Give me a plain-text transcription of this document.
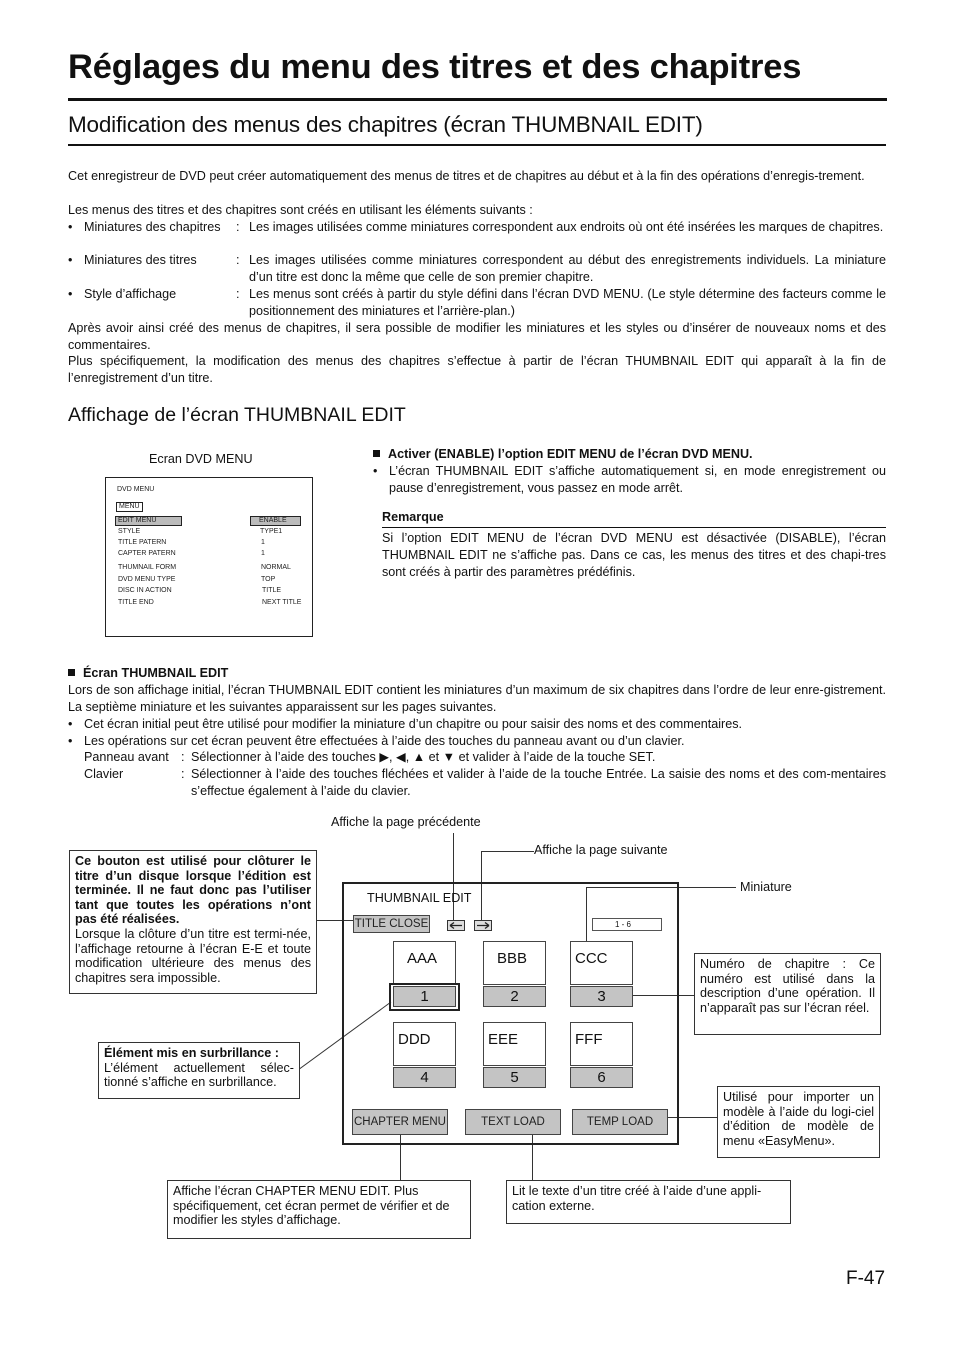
Réglages du menu des titres et des chapitres
Modification des menus des chapitres (écran THUMBNAIL EDIT)

Cet enregistreur de DVD peut créer automatiquement des menus de titres et de chapitres au début et à la fin des opérations d’enregis-trement.

Les menus des titres et des chapitres sont créés en utilisant les éléments suivants :

• Miniatures des chapitres : Les images utilisées comme miniatures correspondent aux endroits où ont été insérées les marques de chapitres.
• Miniatures des titres	: Les images utilisées comme miniatures correspondent au début des enregistrements individuels. La miniature d’un titre est donc la même que celle de son premier chapitre.
• Style d’affichage	: Les menus sont créés à partir du style défini dans l’écran DVD MENU. (Le style détermine des facteurs comme le positionnement des miniatures et l’arrière-plan.)

Après avoir ainsi créé des menus de chapitres, il sera possible de modifier les miniatures et les styles ou d’insérer de nouveaux noms et des commentaires.

Plus spécifiquement, la modification des menus des chapitres s’effectue à partir de l’écran THUMBNAIL EDIT qui apparaît à la fin de l’enregistrement d’un titre.

Affichage de l’écran THUMBNAIL EDIT
Ecran DVD MENU
DVD MENU
MENU
EDIT MENU	ENABLE
STYLE	TYPE1
TITLE PATERN	1
CAPTER PATERN	1
THUMNAIL FORM	NORMAL
DVD MENU TYPE	TOP
DISC IN ACTION	TITLE
TITLE END	NEXT TITLE
Activer (ENABLE) l’option EDIT MENU de l’écran DVD MENU.
• L’écran THUMBNAIL EDIT s’affiche automatiquement si, en mode enregistrement ou pause d’enregistrement, vous passez en mode arrêt.
Remarque

Si l’option EDIT MENU de l’écran DVD MENU est désactivée (DISABLE), l’écran THUMBNAIL EDIT ne s’affiche pas. Dans ce cas, les menus des titres et des chapi-tres sont créés à partir des paramètres prédéfinis.

Écran THUMBNAIL EDIT

Lors de son affichage initial, l’écran THUMBNAIL EDIT contient les miniatures d’un maximum de six chapitres dans l’ordre de leur enre-gistrement. La septième miniature et les suivantes apparaissent sur les pages suivantes.

• Cet écran initial peut être utilisé pour modifier la miniature d’un chapitre ou pour saisir des noms et des commentaires.
• Les opérations sur cet écran peuvent être effectuées à l’aide des touches du panneau avant ou d’un clavier.
Panneau avant : Sélectionner à l’aide des touches ▶, ◀, ▲ et ▼ et valider à l’aide de la touche SET.
Clavier	: Sélectionner à l’aide des touches fléchées et valider à l’aide de la touche Entrée. La saisie des noms et des com-mentaires s’effectue également à l’aide du clavier.
Affiche la page précédente
Affiche la page suivante
Miniature
THUMBNAIL EDIT
TITLE CLOSE	1 - 6
AAA
1
BBB
2
CCC
3
DDD
4
EEE
5
FFF
6
CHAPTER MENU	TEXT LOAD	TEMP LOAD
Ce bouton est utilisé pour clôturer le titre d’un disque lorsque l’édition est terminée. Il ne faut donc pas l’utiliser tant que toutes les opérations n’ont pas été réalisées.
Lorsque la clôture d’un titre est termi-née, l’affichage retourne à l’écran E-E et toute modification ultérieure des menus des chapitres sera impossible.
Élément mis en surbrillance :
L’élément actuellement sélec-tionné s’affiche en surbrillance.
Numéro de chapitre : Ce numéro est utilisé dans la description d’une opération. Il n’apparaît pas sur l’écran réel.
Utilisé pour importer un modèle à l’aide du logi-ciel d’édition de modèle de menu «EasyMenu».
Affiche l’écran CHAPTER MENU EDIT. Plus spécifiquement, cet écran permet de vérifier et de modifier les styles d’affichage.
Lit le texte d’un titre créé à l’aide d’une appli-cation externe.
F-47
